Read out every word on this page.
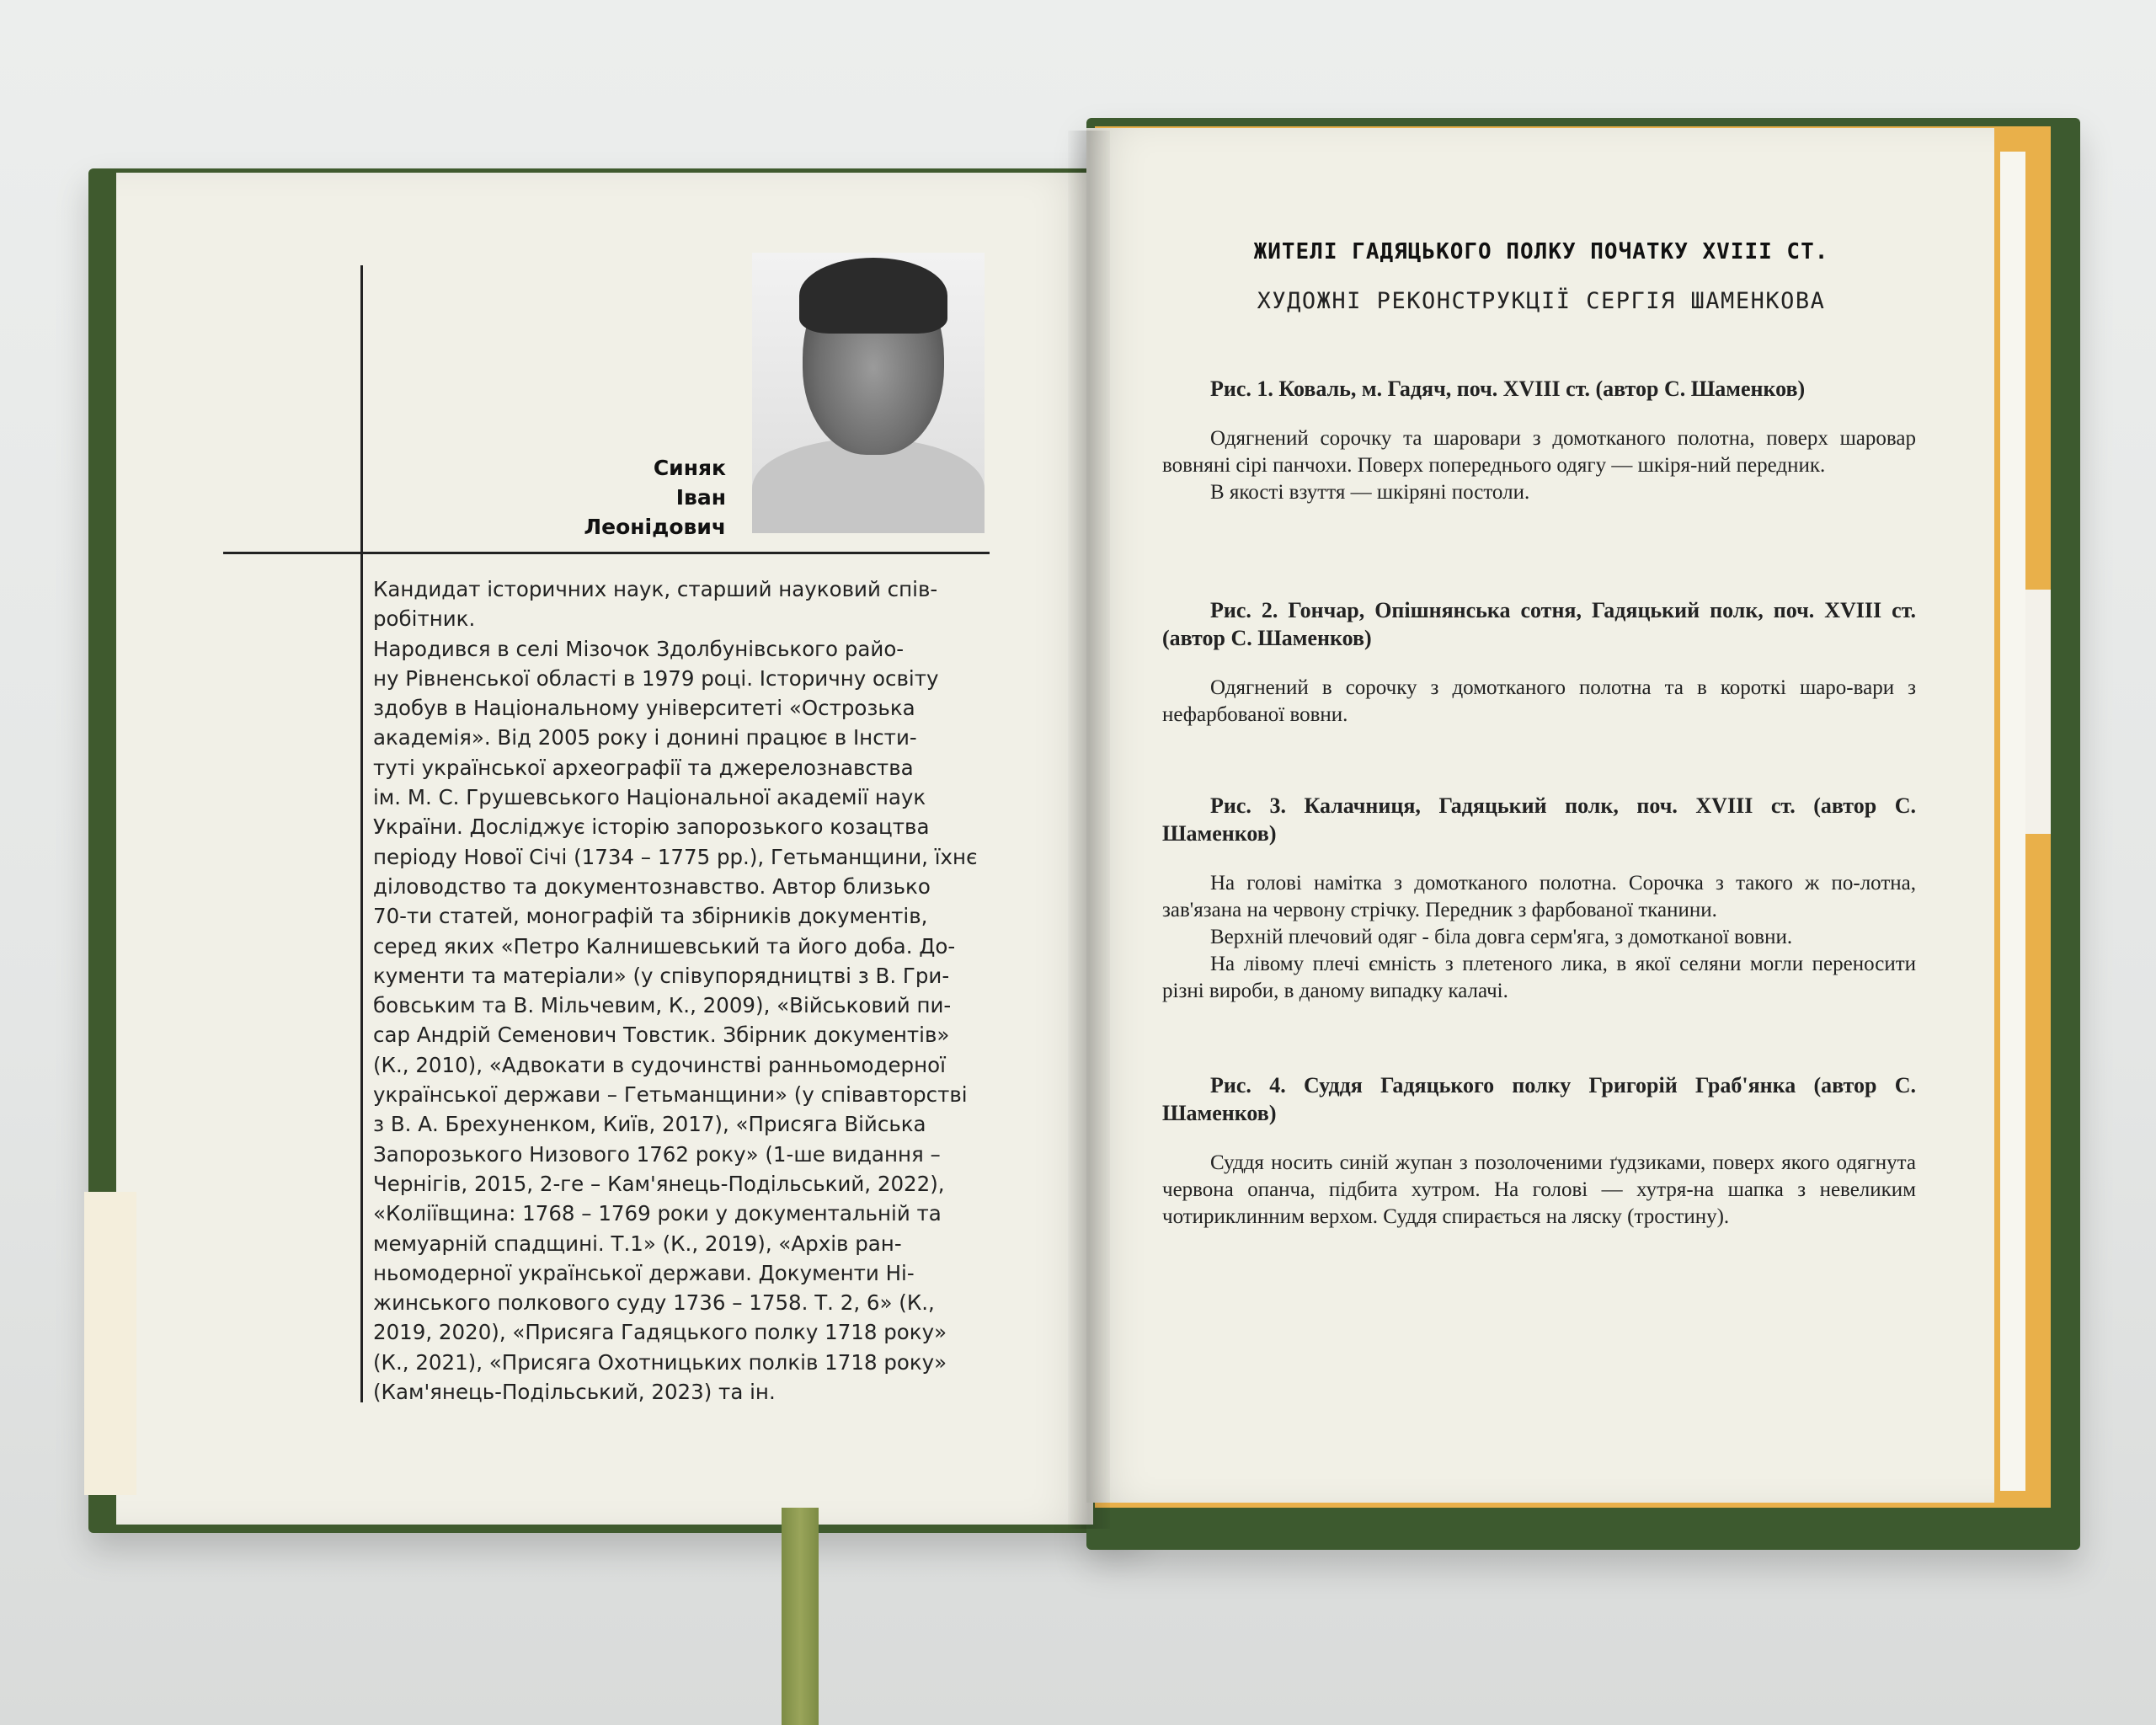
Синяк
Іван
Леонідович
Кандидат історичних наук, старший науковий спів-
робітник.
Народився в селі Мізочок Здолбунівського райо-
ну Рівненської області в 1979 році. Історичну освіту
здобув в Національному університеті «Острозька
академія». Від 2005 року і донині працює в Інсти-
туті української археографії та джерелознавства
ім. М. С. Грушевського Національної академії наук
України. Досліджує історію запорозького козацтва
періоду Нової Січі (1734 – 1775 рр.), Гетьманщини, їхнє
діловодство та документознавство. Автор близько
70-ти статей, монографій та збірників документів,
серед яких «Петро Калнишевський та його доба. До-
кументи та матеріали» (у співупорядництві з В. Гри-
бовським та В. Мільчевим, К., 2009), «Військовий пи-
сар Андрій Семенович Товстик. Збірник документів»
(К., 2010), «Адвокати в судочинстві ранньомодерної
української держави – Гетьманщини» (у співавторстві
з В. А. Брехуненком, Київ, 2017), «Присяга Війська
Запорозького Низового 1762 року» (1-ше видання –
Чернігів, 2015, 2-ге – Кам'янець-Подільський, 2022),
«Коліївщина: 1768 – 1769 роки у документальній та
мемуарній спадщині. Т.1» (К., 2019), «Архів ран-
ньомодерної української держави. Документи Ні-
жинського полкового суду 1736 – 1758. Т. 2, 6» (К.,
2019, 2020), «Присяга Гадяцького полку 1718 року»
(К., 2021), «Присяга Охотницьких полків 1718 року»
(Кам'янець-Подільський, 2023) та ін.
ЖИТЕЛІ ГАДЯЦЬКОГО ПОЛКУ ПОЧАТКУ XVIII СТ.
ХУДОЖНІ РЕКОНСТРУКЦІЇ СЕРГІЯ ШАМЕНКОВА
Рис. 1. Коваль, м. Гадяч, поч. XVIII ст. (автор С. Шаменков)
Одягнений сорочку та шаровари з домотканого полотна, поверх шаровар вовняні сірі панчохи. Поверх попереднього одягу — шкіря-ний передник.
В якості взуття — шкіряні постоли.
Рис. 2. Гончар, Опішнянська сотня, Гадяцький полк, поч. XVIII ст. (автор С. Шаменков)
Одягнений в сорочку з домотканого полотна та в короткі шаро-вари з нефарбованої вовни.
Рис. 3. Калачниця, Гадяцький полк, поч. XVIII ст. (автор С. Шаменков)
На голові намітка з домотканого полотна. Сорочка з такого ж по-лотна, зав'язана на червону стрічку. Передник з фарбованої тканини.
Верхній плечовий одяг - біла довга серм'яга, з домотканої вовни.
На лівому плечі ємність з плетеного лика, в якої селяни могли переносити різні вироби, в даному випадку калачі.
Рис. 4. Суддя Гадяцького полку Григорій Граб'янка (автор С. Шаменков)
Суддя носить синій жупан з позолоченими ґудзиками, поверх якого одягнута червона опанча, підбита хутром. На голові — хутря-на шапка з невеликим чотириклинним верхом. Суддя спирається на ляску (тростину).
